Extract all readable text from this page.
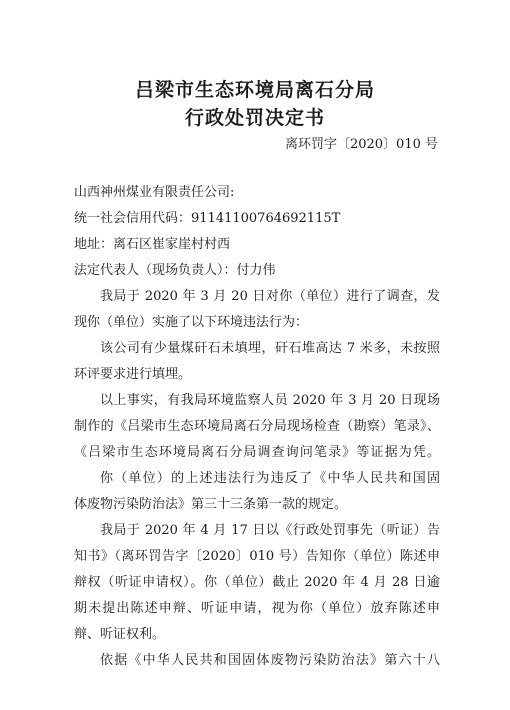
吕梁市生态环境局离石分局
行政处罚决定书
离环罚字〔2020〕010 号
山西神州煤业有限责任公司:
统一社会信用代码：91141100764692115T
地址：离石区崔家崖村村西
法定代表人（现场负责人）：付力伟
我局于 2020 年 3 月 20 日对你（单位）进行了调查，发
现你（单位）实施了以下环境违法行为：
该公司有少量煤矸石未填埋，矸石堆高达 7 米多，未按照
环评要求进行填埋。
以上事实，有我局环境监察人员 2020 年 3 月 20 日现场
制作的《吕梁市生态环境局离石分局现场检查（勘察）笔录》、
《吕梁市生态环境局离石分局调查询问笔录》等证据为凭。
你（单位）的上述违法行为违反了《中华人民共和国固
体废物污染防治法》第三十三条第一款的规定。
我局于 2020 年 4 月 17 日以《行政处罚事先（听证）告
知书》（离环罚告字〔2020〕010 号）告知你（单位）陈述申
辩权（听证申请权）。你（单位）截止 2020 年 4 月 28 日逾
期未提出陈述申辩、听证申请，视为你（单位）放弃陈述申
辩、听证权利。
依据《中华人民共和国固体废物污染防治法》第六十八
